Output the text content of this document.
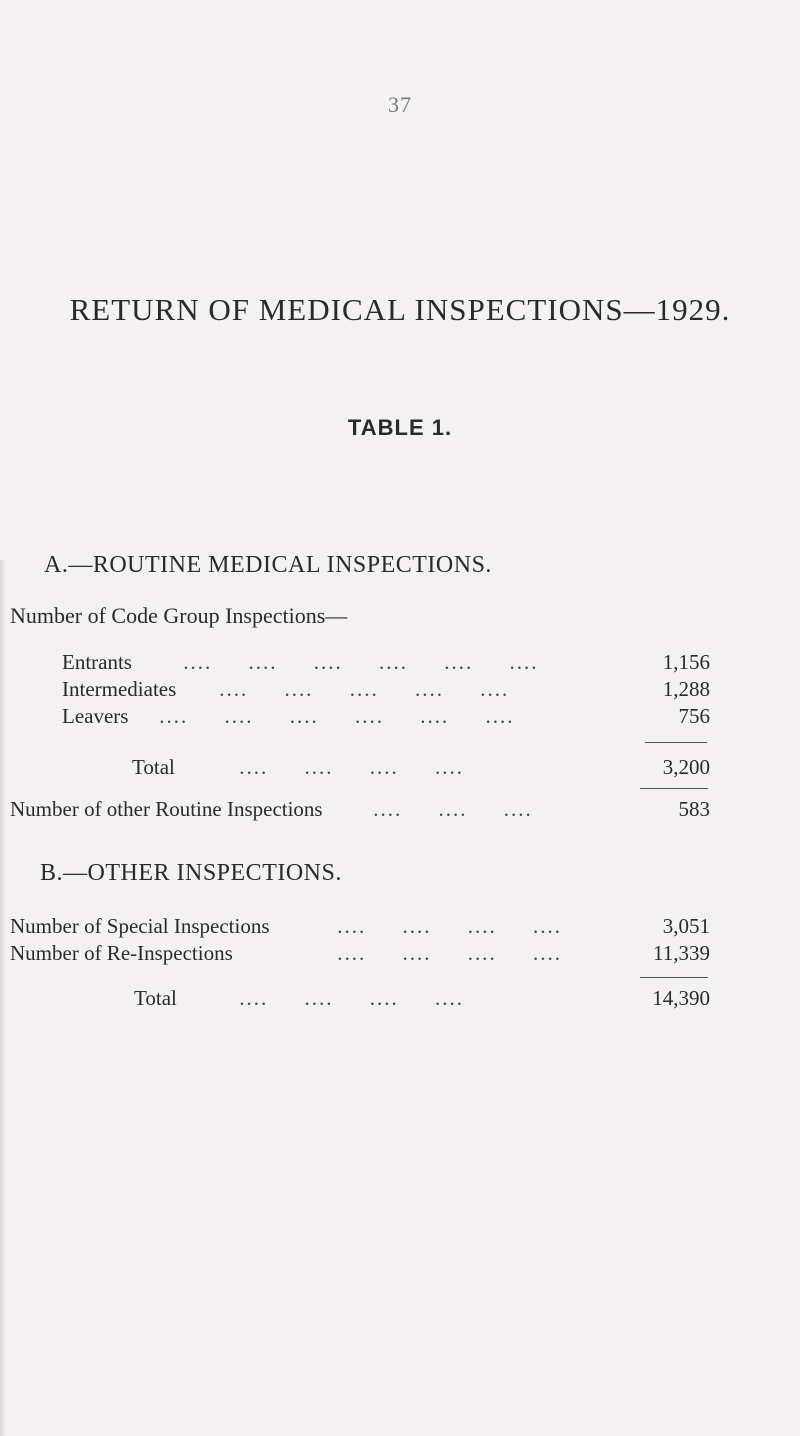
37
RETURN OF MEDICAL INSPECTIONS—1929.
TABLE 1.
A.—ROUTINE MEDICAL INSPECTIONS.
Number of Code Group Inspections—
Entrants	.... .... .... .... .... ....	1,156
Intermediates	.... .... .... .... ....	1,288
Leavers	.... .... .... .... .... ....	756
Total	.... .... .... ....	3,200
Number of other Routine Inspections	.... .... ....	583
B.—OTHER INSPECTIONS.
Number of Special Inspections	.... .... .... ....	3,051
Number of Re-Inspections	.... .... .... ....	11,339
Total	.... .... .... ....	14,390
